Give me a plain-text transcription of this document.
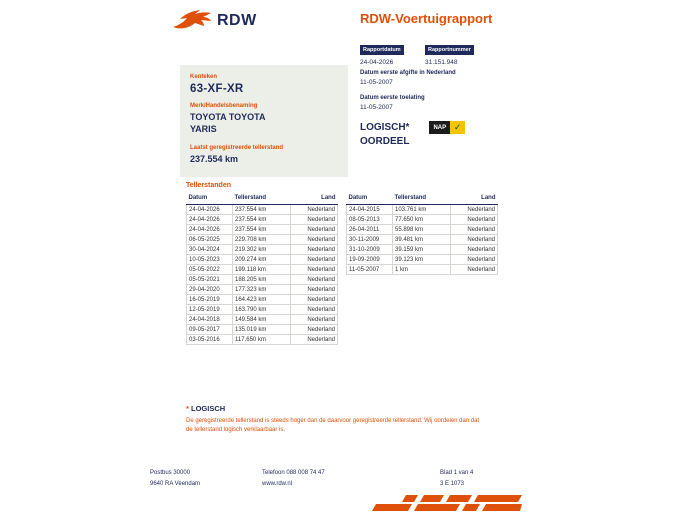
RDW	RDW-Voertuigrapport
Rapportdatum
24-04-2026
Rapportnummer
31.151.948
Kenteken
63-XF-XR
Merk/Handelsbenaming
TOYOTA TOYOTA YARIS
Laatst geregistreerde tellerstand
237.554 km
Datum eerste afgifte in Nederland
11-05-2007
Datum eerste toelating
11-05-2007
LOGISCH*
OORDEEL
NAP ✓
Tellerstanden
Datum	Tellerstand	Land
24-04-2026	237.554 km	Nederland
24-04-2026	237.554 km	Nederland
24-04-2026	237.554 km	Nederland
06-05-2025	229.708 km	Nederland
30-04-2024	219.302 km	Nederland
10-05-2023	209.274 km	Nederland
05-05-2022	199.118 km	Nederland
05-05-2021	188.205 km	Nederland
29-04-2020	177.323 km	Nederland
16-05-2019	164.423 km	Nederland
12-05-2019	163.790 km	Nederland
24-04-2018	149.584 km	Nederland
09-05-2017	135.019 km	Nederland
03-05-2016	117.650 km	Nederland
Datum	Tellerstand	Land
24-04-2015	103.761 km	Nederland
08-05-2013	77.650 km	Nederland
26-04-2011	55.898 km	Nederland
30-11-2009	39.481 km	Nederland
31-10-2009	39.159 km	Nederland
19-09-2009	39.123 km	Nederland
11-05-2007	1 km	Nederland
* LOGISCH
De geregistreerde tellerstand is steeds hoger dan de daarvoor geregistreerde tellerstand. Wij oordelen dan dat de tellerstand logisch verklaarbaar is.
Postbus 30000
9640 RA Veendam
Telefoon 088 008 74 47
www.rdw.nl
Blad 1 van 4
3 E 1073
